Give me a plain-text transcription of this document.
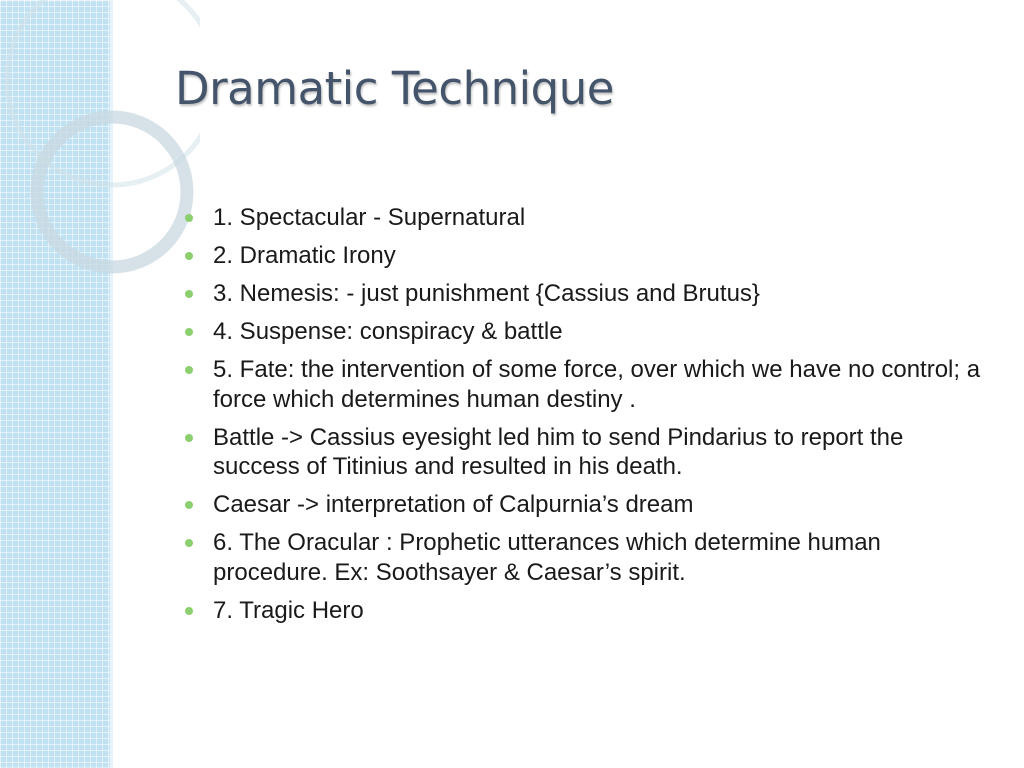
Dramatic Technique
1. Spectacular - Supernatural
2. Dramatic Irony
3. Nemesis: - just punishment {Cassius and Brutus}
4. Suspense: conspiracy & battle
5. Fate: the intervention of some force, over which we have no control; a force which determines human destiny .
Battle -> Cassius eyesight led him to send Pindarius to report the success of Titinius and resulted in his death.
Caesar -> interpretation of Calpurnia’s dream
6. The Oracular : Prophetic utterances which determine human procedure. Ex: Soothsayer & Caesar’s spirit.
7. Tragic Hero
